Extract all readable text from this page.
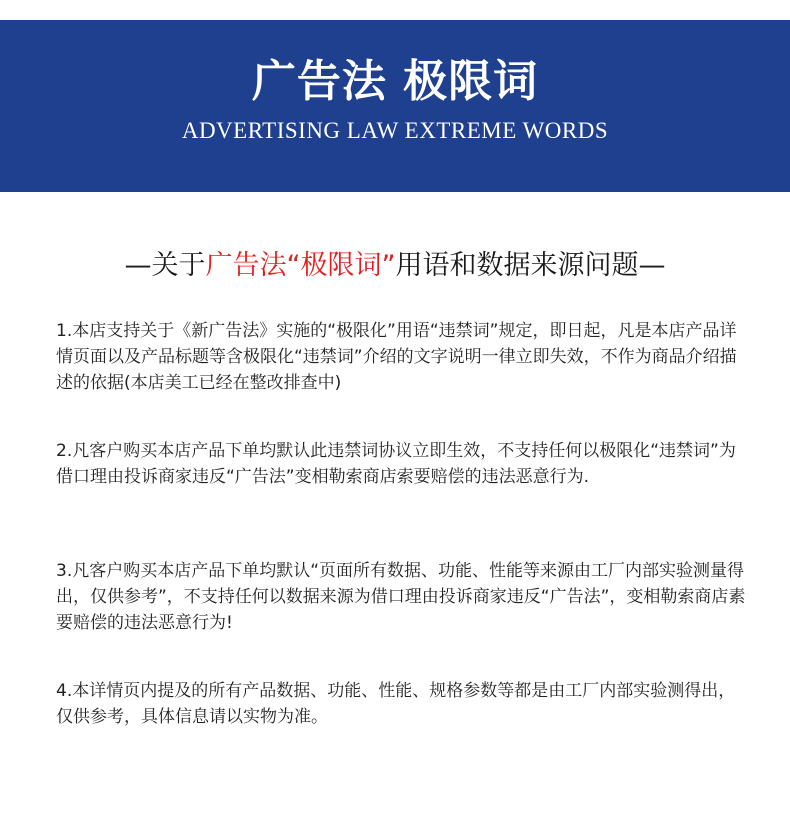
广告法 极限词
ADVERTISING LAW EXTREME WORDS
—关于广告法“极限词”用语和数据来源问题—
1.本店支持关于《新广告法》实施的“极限化”用语“违禁词”规定，即日起，凡是本店产品详情页面以及产品标题等含极限化“违禁词”介绍的文字说明一律立即失效，不作为商品介绍描述的依据(本店美工已经在整改排查中)
2.凡客户购买本店产品下单均默认此违禁词协议立即生效，不支持任何以极限化“违禁词”为借口理由投诉商家违反“广告法”变相勒索商店索要赔偿的违法恶意行为.
3.凡客户购买本店产品下单均默认“页面所有数据、功能、性能等来源由工厂内部实验测量得出，仅供参考”，不支持任何以数据来源为借口理由投诉商家违反“广告法”，变相勒索商店素要赔偿的违法恶意行为!
4.本详情页内提及的所有产品数据、功能、性能、规格参数等都是由工厂内部实验测得出，仅供参考，具体信息请以实物为准。
